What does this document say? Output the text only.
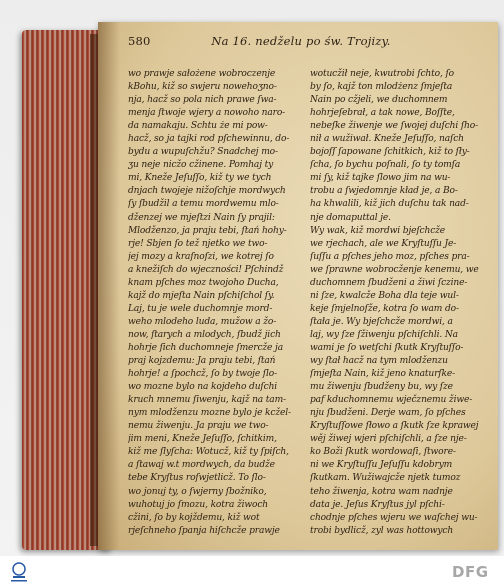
580	Na 16. nedželu po św. Trojizy.
wo prawje sałożene wobroczenje
kBohu, kiž so swjeru nowehoʒno-
nja, hacž so pola nich prawe ſwa-
menja ſtwoje wjery a nowoho naro-
da namakaju. Schtu że mi pow-
hacž, so ja tajki rod pſchewinnu, do-
bydu a wupuſchžu? Snadchej mo-
ʒu neje nicžo cžinene. Pomhaj ty
mi, Kneže Jeſuſſo, kiž ty we tych
dnjach twojeje nižoſchje mordwych
ſy ſbudžil a temu mordwemu mlo-
dženzej we mjeſtzi Nain ſy prajil:
Mlodženzo, ja praju tebi, ſtań hohy-
rje! Sbjen ſo tež njetko we two-
jej mozy a kraſnoſzi, we kotrej ſo
a knežiſch do wjeczności! Pſchindž
knam pſches moz twojoho Ducha,
kajž do mjeſta Nain pſchiſchol ſy.
Laj, tu je wele duchomnje mord-
weho mlodeho luda, mužow a žo-
now, ſtarych a mlodych, ſbudž jich
hohrje ſich duchomneje ſmercže ja
praj kojzdemu: Ja praju tebi, ſtań
hohrje! a ſpochcž, ſo by twoje ſlo-
wo mozne bylo na kojdeho duſchi
kruch mnemu ſiwenju, kajž na tam-
nym mlodženzu mozne bylo je kcžel-
nemu žiwenju. Ja praju we two-
jim meni, Kneže Jeſuſſo, ſchitkim,
kiž me ſlyſcha: Wotucž, kiž ty ſpiſch,
a ſtawaj w.t mordwych, da budže
tebe Kryſtus roſwjetlicž. To ſlo-
wo jonuj ty, o ſwjerny ſbožniko,
wuhotuj jo ſmozu, kotra žiwoch
cžini, ſo by kojždemu, kiž wot
rjeſchneho ſpanja hiſchcže prawje
wotucžił neje, kwutrobi ſchto, ſo
by ſo, kajž ton mlodżenz ſmjeſta
Nain po cžjeli, we duchomnem
hohrjeſebrał, a tak nowe, Boſſte,
nebeſke žiwenje we ſwojej duſchi ſho-
nił a wužiwał. Kneže Jeſuſſo, naſch
bojoſſ ſapowane ſchitkich, kiž to ſły-
ſcha, ſo bychu poſnali, ſo ty tomſa
mi ſy, kiž tajke ſlowo jim na wu-
trobu a ſwjedomnje kład je, a Bo-
ha khwalili, kiž jich duſchu tak nad-
nje domaputtal je.
Wy wak, kiž mordwi bjeſchcže
we rjechach, ale we Kryſtuſſu Je-
ſuſſu a pſches jeho moz, pſches pra-
we ſprawne wobrocženje kenemu, we
duchomnem ſbudženi a žiwi ſczine-
ni ſze, kwalcže Boha dla teje wul-
keje ſmjelnoſže, kotra ſo wam do-
ſtała je. Wy bjeſchcže mordwi, a
laj, wy ſze ſžiwenju pſchiſchli. Na
wami je ſo wetſchi ſkutk Kryſtuſſo-
wy ſtał hacž na tym mlodženzu
ſmjeſta Nain, kiž jeno knaturſke-
mu žiwenju ſbudženy bu, wy ſze
paf kduchomnemu wječznemu žiwe-
nju ſbudženi. Derje wam, ſo pſches
Kryſtuſſowe ſłowo a ſkutk ſze kprawej
wěj žiwej wjeri pſchiſchli, a ſze nje-
ko Boži ſkutk wordowaſi, ſtwore-
ni we Kryſtuſſu Jeſuſſu kdobrym
ſkutkam. Wužiwajcže njetk tumoz
teho žiwenja, kotra wam nadnje
data je. Jeſus Kryſtus jyl pſchi-
chodnje pſches wjeru we waſchej wu-
trobi bydlicž, zyl was hottowych
DFG
